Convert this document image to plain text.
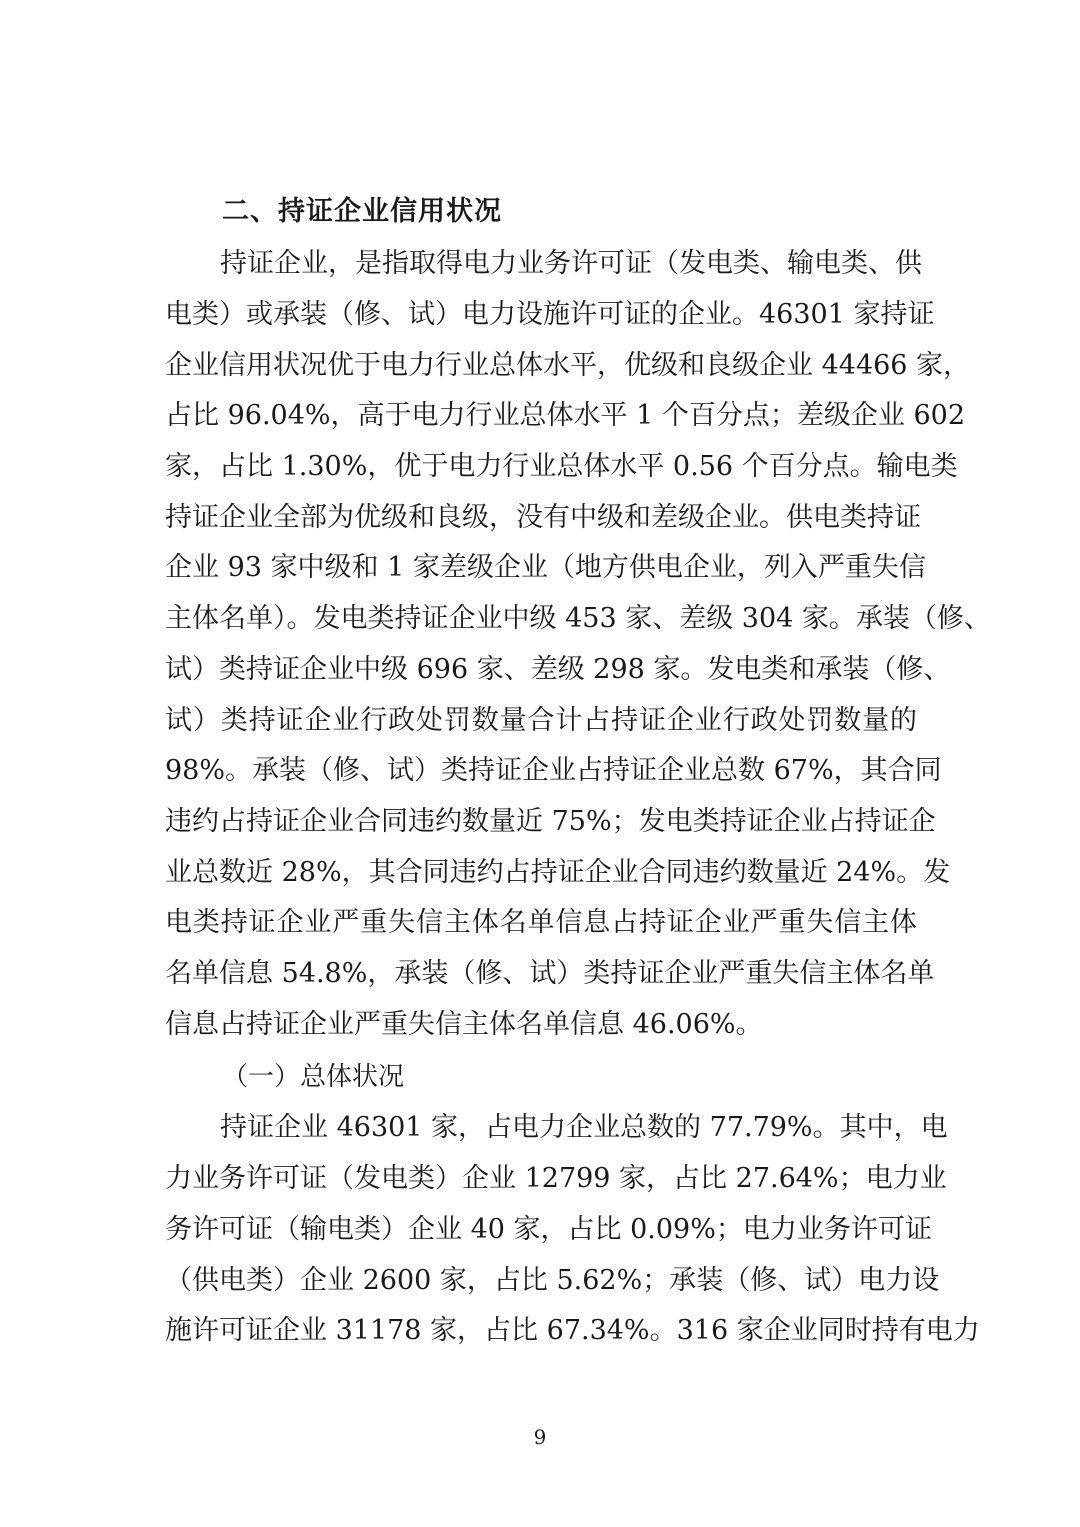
二、持证企业信用状况
持证企业，是指取得电力业务许可证（发电类、输电类、供
电类）或承装（修、试）电力设施许可证的企业。46301 家持证
企业信用状况优于电力行业总体水平，优级和良级企业 44466 家，
占比 96.04%，高于电力行业总体水平 1 个百分点；差级企业 602
家，占比 1.30%，优于电力行业总体水平 0.56 个百分点。输电类
持证企业全部为优级和良级，没有中级和差级企业。供电类持证
企业 93 家中级和 1 家差级企业（地方供电企业，列入严重失信
主体名单）。发电类持证企业中级 453 家、差级 304 家。承装（修、
试）类持证企业中级 696 家、差级 298 家。发电类和承装（修、
试）类持证企业行政处罚数量合计占持证企业行政处罚数量的
98%。承装（修、试）类持证企业占持证企业总数 67%，其合同
违约占持证企业合同违约数量近 75%；发电类持证企业占持证企
业总数近 28%，其合同违约占持证企业合同违约数量近 24%。发
电类持证企业严重失信主体名单信息占持证企业严重失信主体
名单信息 54.8%，承装（修、试）类持证企业严重失信主体名单
信息占持证企业严重失信主体名单信息 46.06%。
（一）总体状况
持证企业 46301 家，占电力企业总数的 77.79%。其中，电
力业务许可证（发电类）企业 12799 家，占比 27.64%；电力业
务许可证（输电类）企业 40 家，占比 0.09%；电力业务许可证
（供电类）企业 2600 家，占比 5.62%；承装（修、试）电力设
施许可证企业 31178 家，占比 67.34%。316 家企业同时持有电力
9
